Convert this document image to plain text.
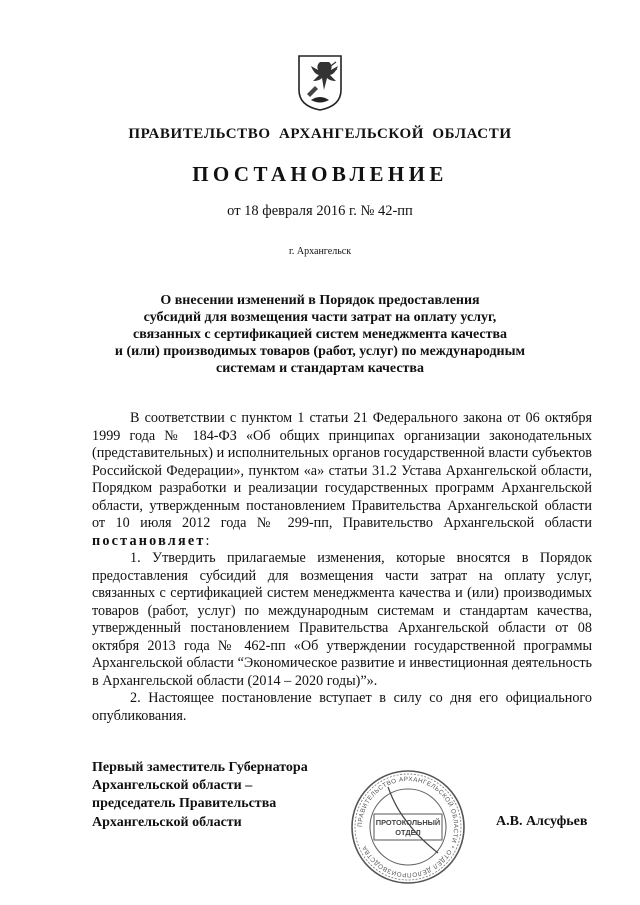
ПРАВИТЕЛЬСТВО АРХАНГЕЛЬСКОЙ ОБЛАСТИ
ПОСТАНОВЛЕНИЕ
от 18 февраля 2016 г. № 42-пп
г. Архангельск
О внесении изменений в Порядок предоставления
субсидий для возмещения части затрат на оплату услуг,
связанных с сертификацией систем менеджмента качества
и (или) производимых товаров (работ, услуг) по международным
системам и стандартам качества

В соответствии с пунктом 1 статьи 21 Федерального закона от 06 октября 1999 года № 184-ФЗ «Об общих принципах организации законодательных (представительных) и исполнительных органов государственной власти субъектов Российской Федерации», пунктом «а» статьи 31.2 Устава Архангельской области, Порядком разработки и реализации государственных программ Архангельской области, утвержденным постановлением Правительства Архангельской области от 10 июля 2012 года № 299-пп, Правительство Архангельской области постановляет:

1. Утвердить прилагаемые изменения, которые вносятся в Порядок предоставления субсидий для возмещения части затрат на оплату услуг, связанных с сертификацией систем менеджмента качества и (или) производимых товаров (работ, услуг) по международным системам и стандартам качества, утвержденный постановлением Правительства Архангельской области от 08 октября 2013 года № 462-пп «Об утверждении государственной программы Архангельской области “Экономическое развитие и инвестиционная деятельность в Архангельской области (2014 – 2020 годы)”».

2. Настоящее постановление вступает в силу со дня его официального опубликования.

Первый заместитель Губернатора
Архангельской области –
председатель Правительства
Архангельской области	ПРАВИТЕЛЬСТВО АРХАНГЕЛЬСКОЙ ОБЛАСТИ * ОТДЕЛ ДЕЛОПРОИЗВОДСТВА
ПРОТОКОЛЬНЫЙ
ОТДЕЛ
А.В. Алсуфьев
